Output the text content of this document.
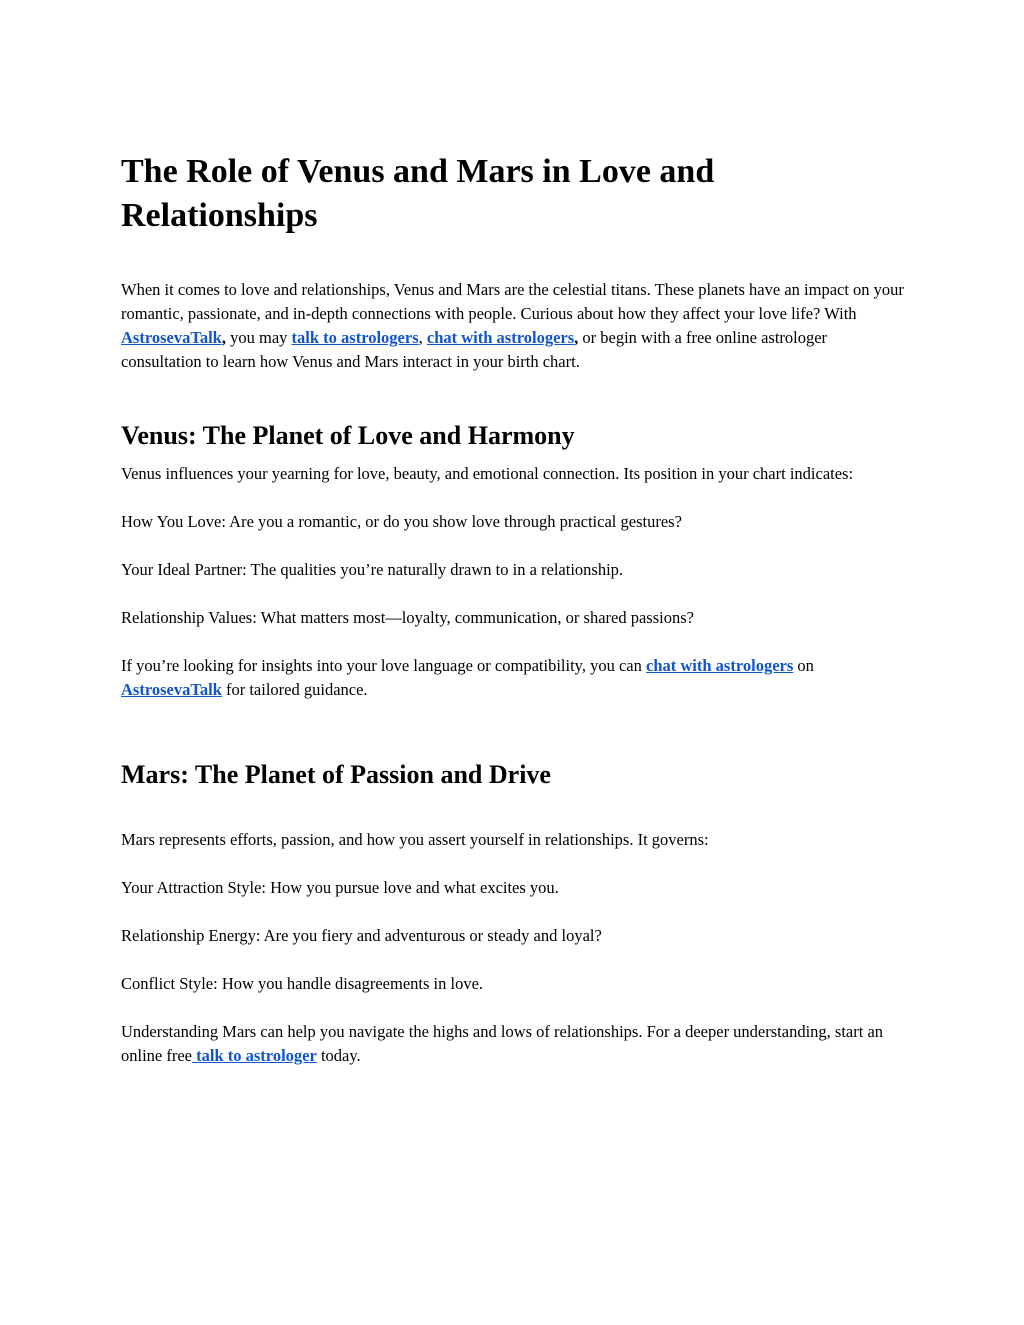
The Role of Venus and Mars in Love and Relationships

When it comes to love and relationships, Venus and Mars are the celestial titans. These planets have an impact on your romantic, passionate, and in-depth connections with people. Curious about how they affect your love life? With AstrosevaTalk, you may talk to astrologers, chat with astrologers, or begin with a free online astrologer consultation to learn how Venus and Mars interact in your birth chart.

Venus: The Planet of Love and Harmony

Venus influences your yearning for love, beauty, and emotional connection. Its position in your chart indicates:

How You Love: Are you a romantic, or do you show love through practical gestures?

Your Ideal Partner: The qualities you’re naturally drawn to in a relationship.

Relationship Values: What matters most—loyalty, communication, or shared passions?

If you’re looking for insights into your love language or compatibility, you can chat with astrologers on AstrosevaTalk for tailored guidance.

Mars: The Planet of Passion and Drive

Mars represents efforts, passion, and how you assert yourself in relationships. It governs:

Your Attraction Style: How you pursue love and what excites you.

Relationship Energy: Are you fiery and adventurous or steady and loyal?

Conflict Style: How you handle disagreements in love.

Understanding Mars can help you navigate the highs and lows of relationships. For a deeper understanding, start an online free talk to astrologer today.
